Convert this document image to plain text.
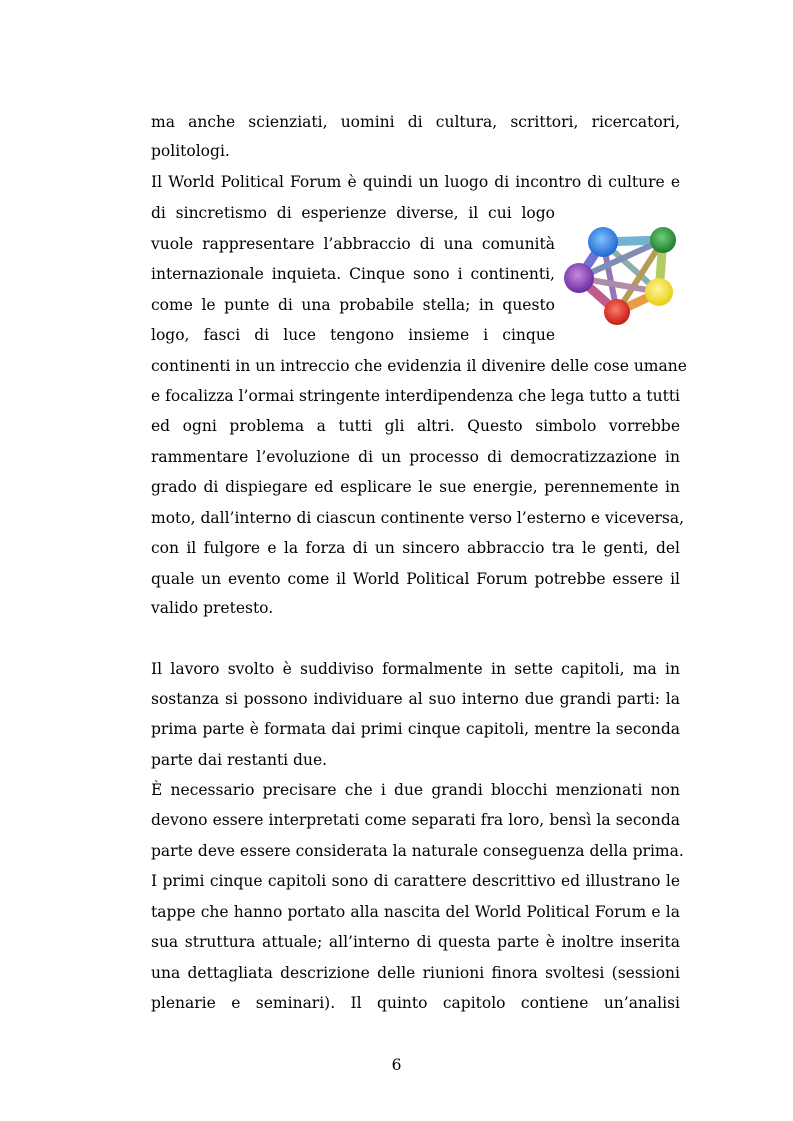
ma anche scienziati, uomini di cultura, scrittori, ricercatori,
politologi.
Il World Political Forum è quindi un luogo di incontro di culture e
di sincretismo di esperienze diverse, il cui logo
vuole rappresentare l’abbraccio di una comunità
internazionale inquieta. Cinque sono i continenti,
come le punte di una probabile stella; in questo
logo, fasci di luce tengono insieme i cinque
continenti in un intreccio che evidenzia il divenire delle cose umane
e focalizza l’ormai stringente interdipendenza che lega tutto a tutti
ed ogni problema a tutti gli altri. Questo simbolo vorrebbe
rammentare l’evoluzione di un processo di democratizzazione in
grado di dispiegare ed esplicare le sue energie, perennemente in
moto, dall’interno di ciascun continente verso l’esterno e viceversa,
con il fulgore e la forza di un sincero abbraccio tra le genti, del
quale un evento come il World Political Forum potrebbe essere il
valido pretesto.
Il lavoro svolto è suddiviso formalmente in sette capitoli, ma in
sostanza si possono individuare al suo interno due grandi parti: la
prima parte è formata dai primi cinque capitoli, mentre la seconda
parte dai restanti due.
È necessario precisare che i due grandi blocchi menzionati non
devono essere interpretati come separati fra loro, bensì la seconda
parte deve essere considerata la naturale conseguenza della prima.
I primi cinque capitoli sono di carattere descrittivo ed illustrano le
tappe che hanno portato alla nascita del World Political Forum e la
sua struttura attuale; all’interno di questa parte è inoltre inserita
una dettagliata descrizione delle riunioni finora svoltesi (sessioni
plenarie e seminari). Il quinto capitolo contiene un’analisi
6
